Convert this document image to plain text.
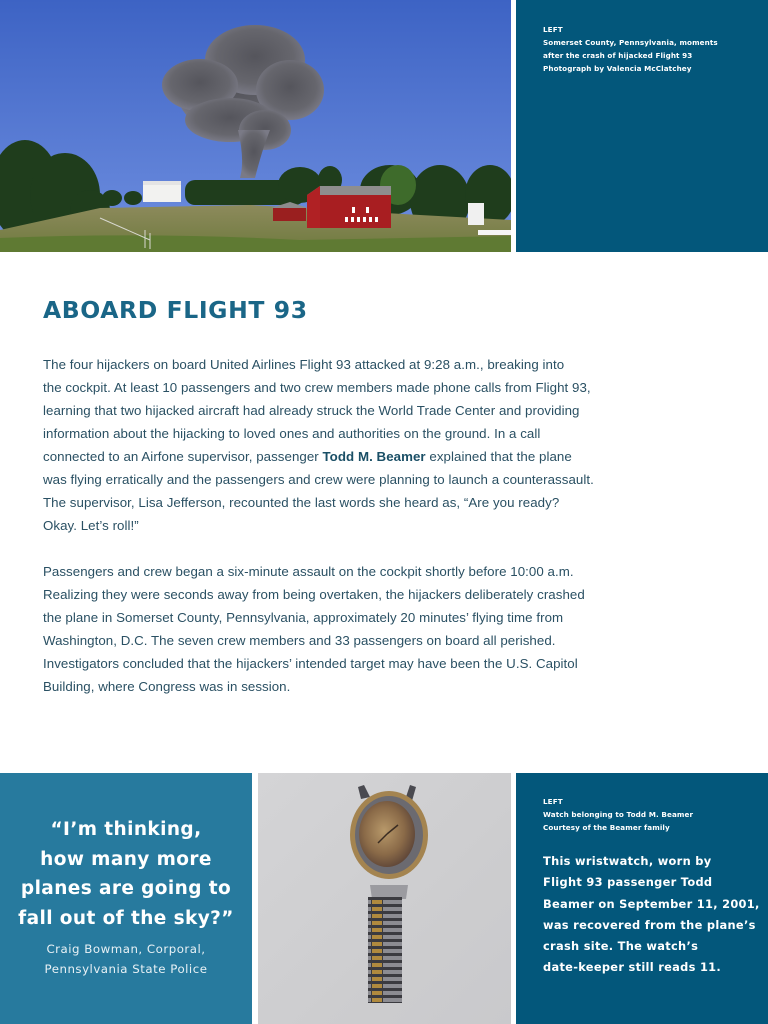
LEFT
Somerset County, Pennsylvania, moments
after the crash of hijacked Flight 93
Photograph by Valencia McClatchey
ABOARD FLIGHT 93

The four hijackers on board United Airlines Flight 93 attacked at 9:28 a.m., breaking into
the cockpit. At least 10 passengers and two crew members made phone calls from Flight 93,
learning that two hijacked aircraft had already struck the World Trade Center and providing
information about the hijacking to loved ones and authorities on the ground. In a call
connected to an Airfone supervisor, passenger Todd M. Beamer explained that the plane
was flying erratically and the passengers and crew were planning to launch a counterassault.
The supervisor, Lisa Jefferson, recounted the last words she heard as, “Are you ready?
Okay. Let’s roll!”

Passengers and crew began a six-minute assault on the cockpit shortly before 10:00 a.m.
Realizing they were seconds away from being overtaken, the hijackers deliberately crashed
the plane in Somerset County, Pennsylvania, approximately 20 minutes’ flying time from
Washington, D.C. The seven crew members and 33 passengers on board all perished.
Investigators concluded that the hijackers’ intended target may have been the U.S. Capitol
Building, where Congress was in session.

“I’m thinking,
how many more
planes are going to
fall out of the sky?”
Craig Bowman, Corporal,
Pennsylvania State Police
LEFT
Watch belonging to Todd M. Beamer
Courtesy of the Beamer family
This wristwatch, worn by
Flight 93 passenger Todd
Beamer on September 11, 2001,
was recovered from the plane’s
crash site. The watch’s
date-keeper still reads 11.
